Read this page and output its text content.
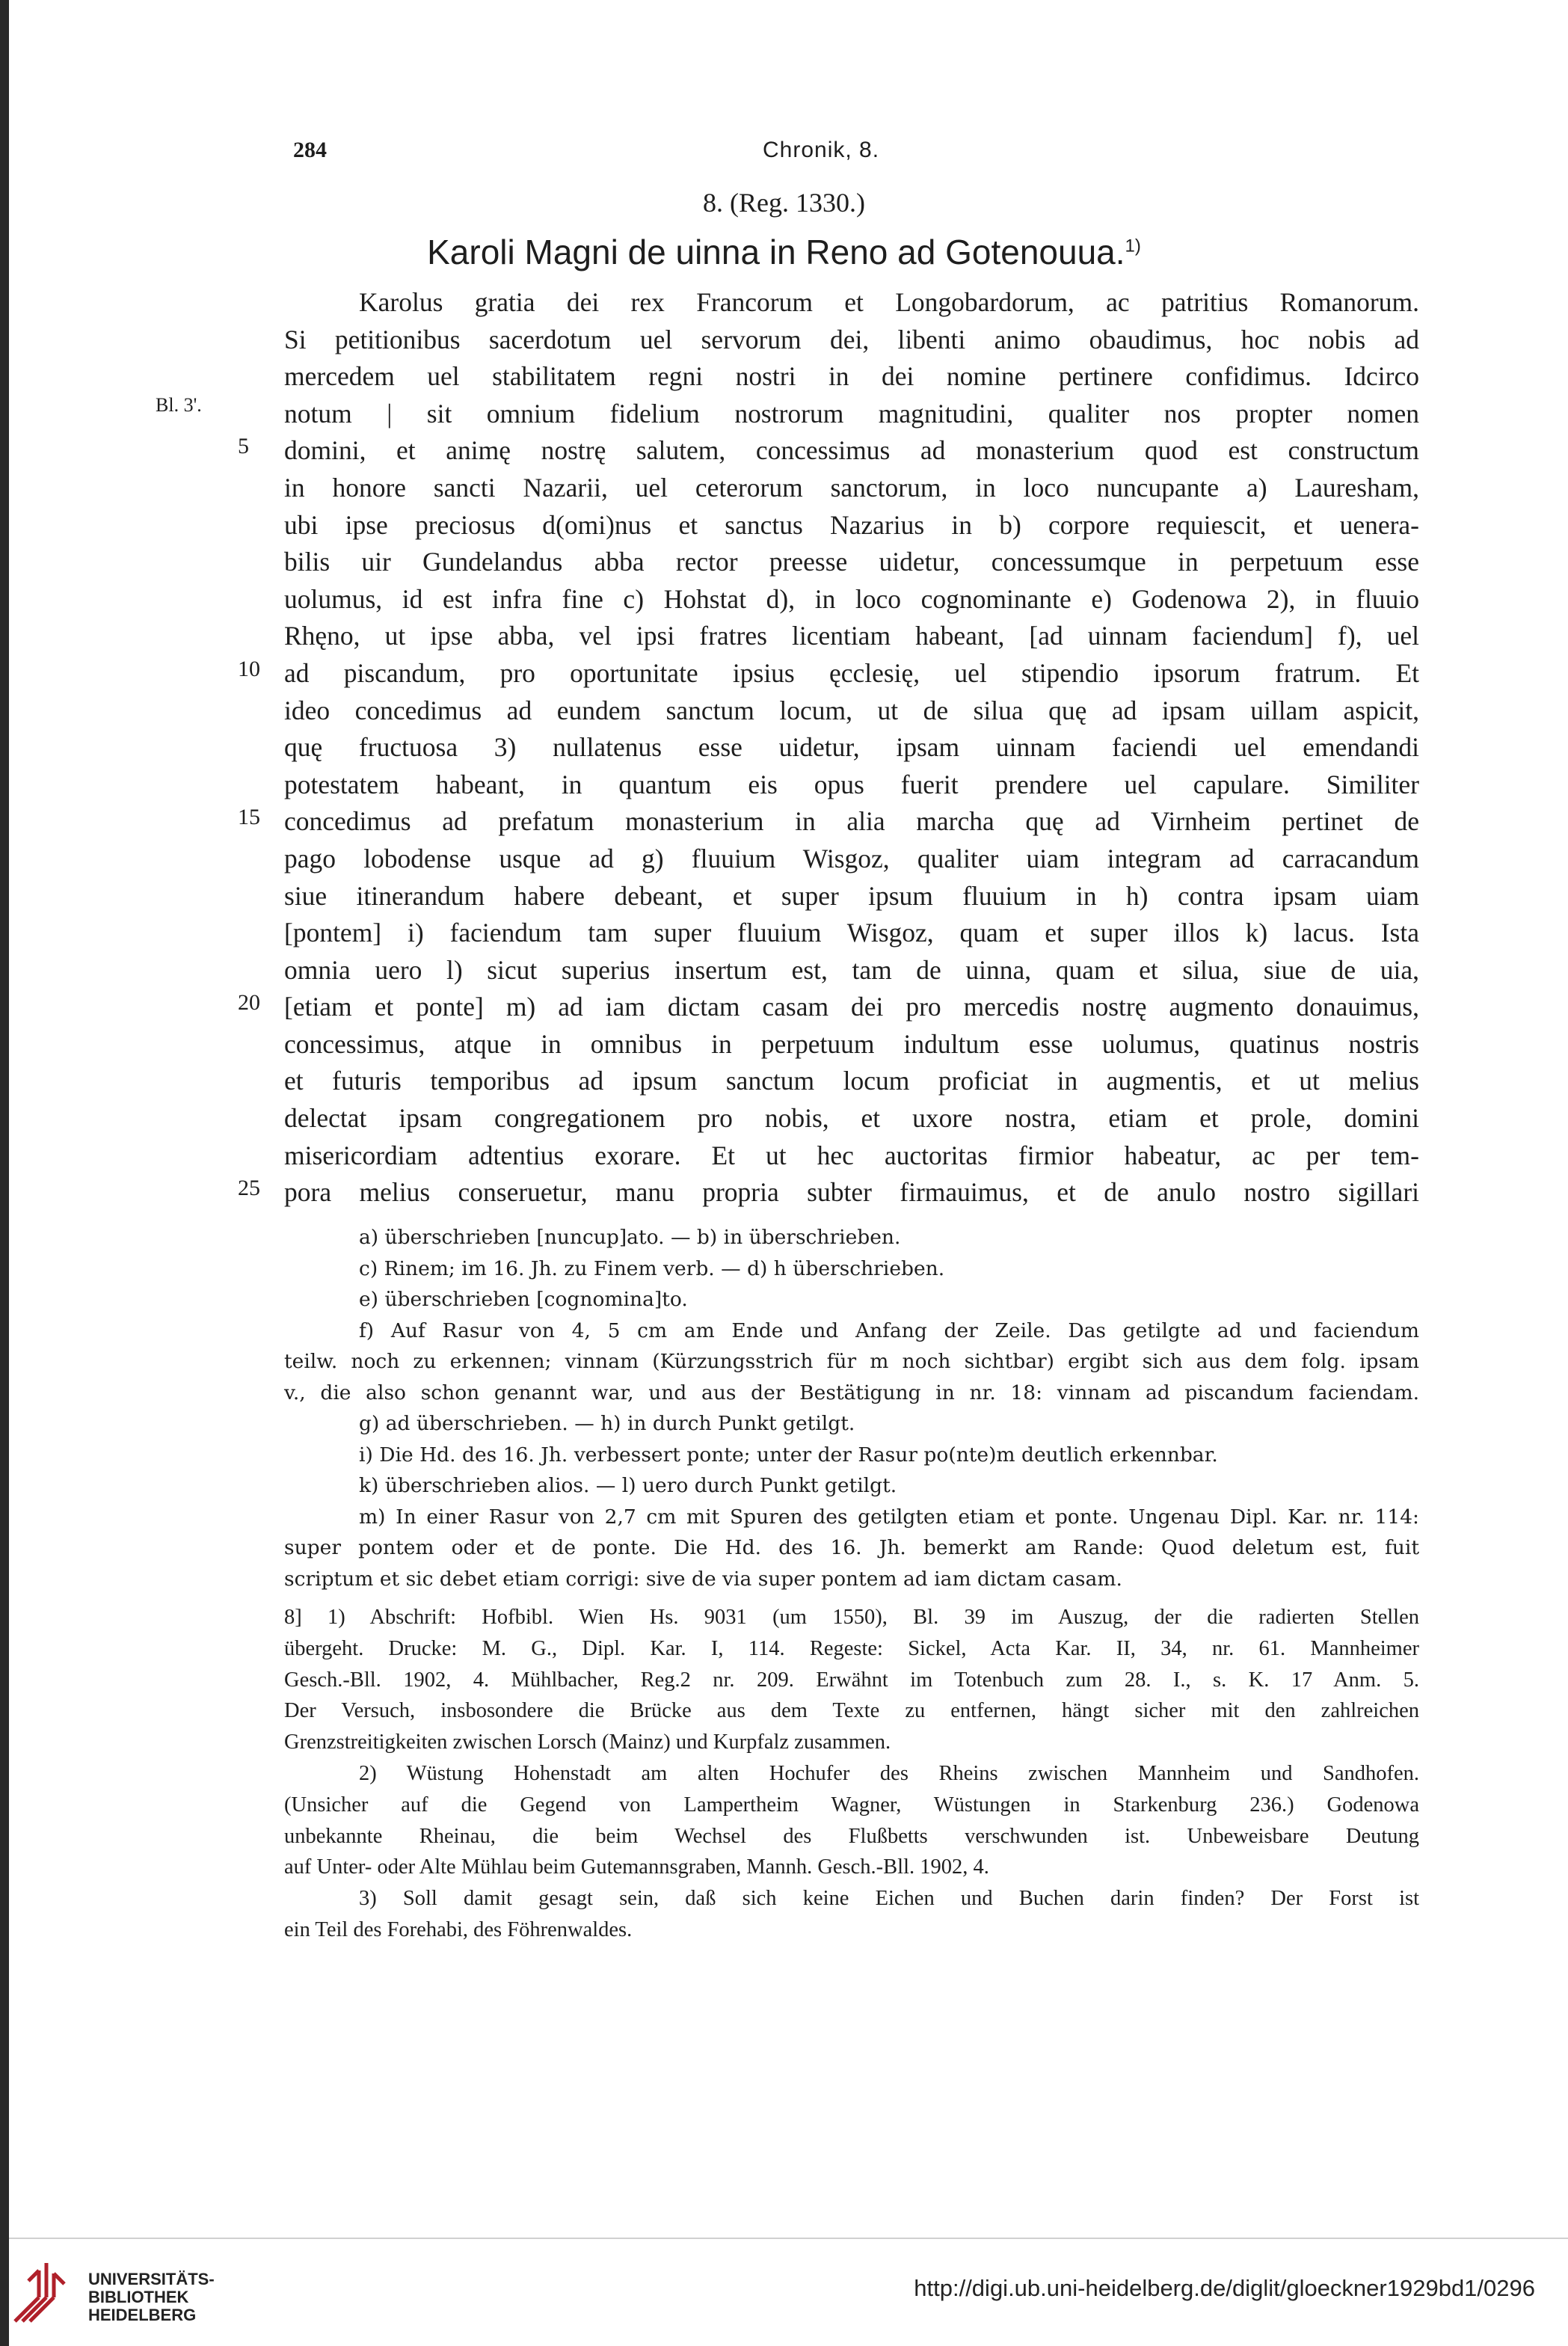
284	Chronik, 8.
8. (Reg. 1330.)
Karoli Magni de uinna in Reno ad Gotenouua.$^{1)}$
Bl. 3'.
5
10
15
20
25
Karolus gratia dei rex Francorum et Longobardorum, ac patritius Romanorum.
Si petitionibus sacerdotum uel servorum dei, libenti animo obaudimus, hoc nobis ad
mercedem uel stabilitatem regni nostri in dei nomine pertinere confidimus. Idcirco
notum | sit omnium fidelium nostrorum magnitudini, qualiter nos propter nomen
domini, et animę nostrę salutem, concessimus ad monasterium quod est constructum
in honore sancti Nazarii, uel ceterorum sanctorum, in loco nuncupante a) Lauresham,
ubi ipse preciosus d(omi)nus et sanctus Nazarius in b) corpore requiescit, et uenera-
bilis uir Gundelandus abba rector preesse uidetur, concessumque in perpetuum esse
uolumus, id est infra fine c) Hohstat d), in loco cognominante e) Godenowa 2), in fluuio
Rhęno, ut ipse abba, vel ipsi fratres licentiam habeant, [ad uinnam faciendum] f), uel
ad piscandum, pro oportunitate ipsius ęcclesię, uel stipendio ipsorum fratrum. Et
ideo concedimus ad eundem sanctum locum, ut de silua quę ad ipsam uillam aspicit,
quę fructuosa 3) nullatenus esse uidetur, ipsam uinnam faciendi uel emendandi
potestatem habeant, in quantum eis opus fuerit prendere uel capulare. Similiter
concedimus ad prefatum monasterium in alia marcha quę ad Virnheim pertinet de
pago lobodense usque ad g) fluuium Wisgoz, qualiter uiam integram ad carracandum
siue itinerandum habere debeant, et super ipsum fluuium in h) contra ipsam uiam
[pontem] i) faciendum tam super fluuium Wisgoz, quam et super illos k) lacus. Ista
omnia uero l) sicut superius insertum est, tam de uinna, quam et silua, siue de uia,
[etiam et ponte] m) ad iam dictam casam dei pro mercedis nostrę augmento donauimus,
concessimus, atque in omnibus in perpetuum indultum esse uolumus, quatinus nostris
et futuris temporibus ad ipsum sanctum locum proficiat in augmentis, et ut melius
delectat ipsam congregationem pro nobis, et uxore nostra, etiam et prole, domini
misericordiam adtentius exorare. Et ut hec auctoritas firmior habeatur, ac per tem-
pora melius conseruetur, manu propria subter firmauimus, et de anulo nostro sigillari
a) überschrieben [nuncup]ato. — b) in überschrieben.
c) Rinem; im 16. Jh. zu Finem verb. — d) h überschrieben.
e) überschrieben [cognomina]to.
f) Auf Rasur von 4, 5 cm am Ende und Anfang der Zeile. Das getilgte ad und faciendum
teilw. noch zu erkennen; vinnam (Kürzungsstrich für m noch sichtbar) ergibt sich aus dem folg. ipsam
v., die also schon genannt war, und aus der Bestätigung in nr. 18: vinnam ad piscandum faciendam.
g) ad überschrieben. — h) in durch Punkt getilgt.
i) Die Hd. des 16. Jh. verbessert ponte; unter der Rasur po(nte)m deutlich erkennbar.
k) überschrieben alios. — l) uero durch Punkt getilgt.
m) In einer Rasur von 2,7 cm mit Spuren des getilgten etiam et ponte. Ungenau Dipl. Kar. nr. 114:
super pontem oder et de ponte. Die Hd. des 16. Jh. bemerkt am Rande: Quod deletum est, fuit
scriptum et sic debet etiam corrigi: sive de via super pontem ad iam dictam casam.
8] 1) Abschrift: Hofbibl. Wien Hs. 9031 (um 1550), Bl. 39 im Auszug, der die radierten Stellen
übergeht. Drucke: M. G., Dipl. Kar. I, 114. Regeste: Sickel, Acta Kar. II, 34, nr. 61. Mannheimer
Gesch.-Bll. 1902, 4. Mühlbacher, Reg.2 nr. 209. Erwähnt im Totenbuch zum 28. I., s. K. 17 Anm. 5.
Der Versuch, insbosondere die Brücke aus dem Texte zu entfernen, hängt sicher mit den zahlreichen
Grenzstreitigkeiten zwischen Lorsch (Mainz) und Kurpfalz zusammen.
2) Wüstung Hohenstadt am alten Hochufer des Rheins zwischen Mannheim und Sandhofen.
(Unsicher auf die Gegend von Lampertheim Wagner, Wüstungen in Starkenburg 236.) Godenowa
unbekannte Rheinau, die beim Wechsel des Flußbetts verschwunden ist. Unbeweisbare Deutung
auf Unter- oder Alte Mühlau beim Gutemannsgraben, Mannh. Gesch.-Bll. 1902, 4.
3) Soll damit gesagt sein, daß sich keine Eichen und Buchen darin finden? Der Forst ist
ein Teil des Forehabi, des Föhrenwaldes.
UNIVERSITÄTS-
BIBLIOTHEK
HEIDELBERG
http://digi.ub.uni-heidelberg.de/diglit/gloeckner1929bd1/0296
